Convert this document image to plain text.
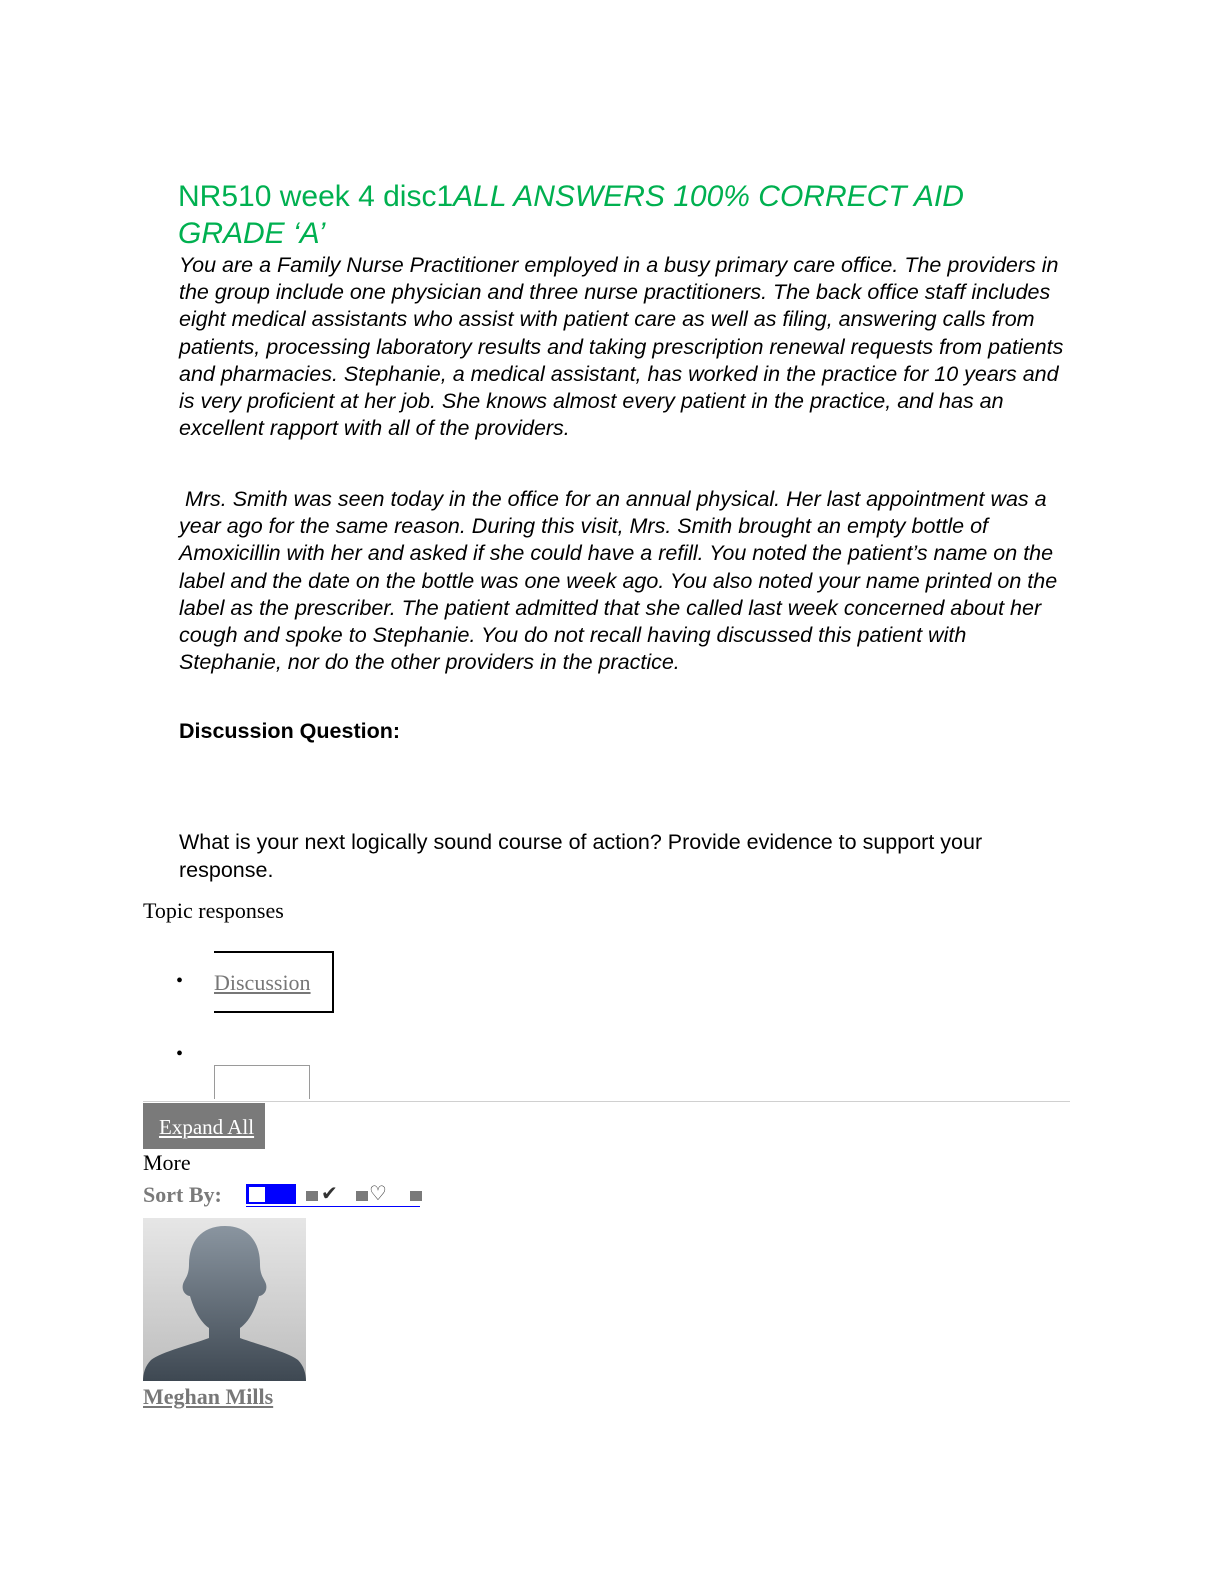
NR510 week 4 disc1ALL ANSWERS 100% CORRECT AID GRADE ‘A’

You are a Family Nurse Practitioner employed in a busy primary care office. The providers in the group include one physician and three nurse practitioners. The back office staff includes eight medical assistants who assist with patient care as well as filing, answering calls from patients, processing laboratory results and taking prescription renewal requests from patients and pharmacies. Stephanie, a medical assistant, has worked in the practice for 10 years and is very proficient at her job. She knows almost every patient in the practice, and has an excellent rapport with all of the providers.

Mrs. Smith was seen today in the office for an annual physical. Her last appointment was a year ago for the same reason. During this visit, Mrs. Smith brought an empty bottle of Amoxicillin with her and asked if she could have a refill. You noted the patient’s name on the label and the date on the bottle was one week ago. You also noted your name printed on the label as the prescriber. The patient admitted that she called last week concerned about her cough and spoke to Stephanie. You do not recall having discussed this patient with Stephanie, nor do the other providers in the practice.

Discussion Question:
What is your next logically sound course of action? Provide evidence to support your response.
Topic responses
• Discussion
•
Expand All
More
Sort By:	✔ ♡
Meghan Mills
